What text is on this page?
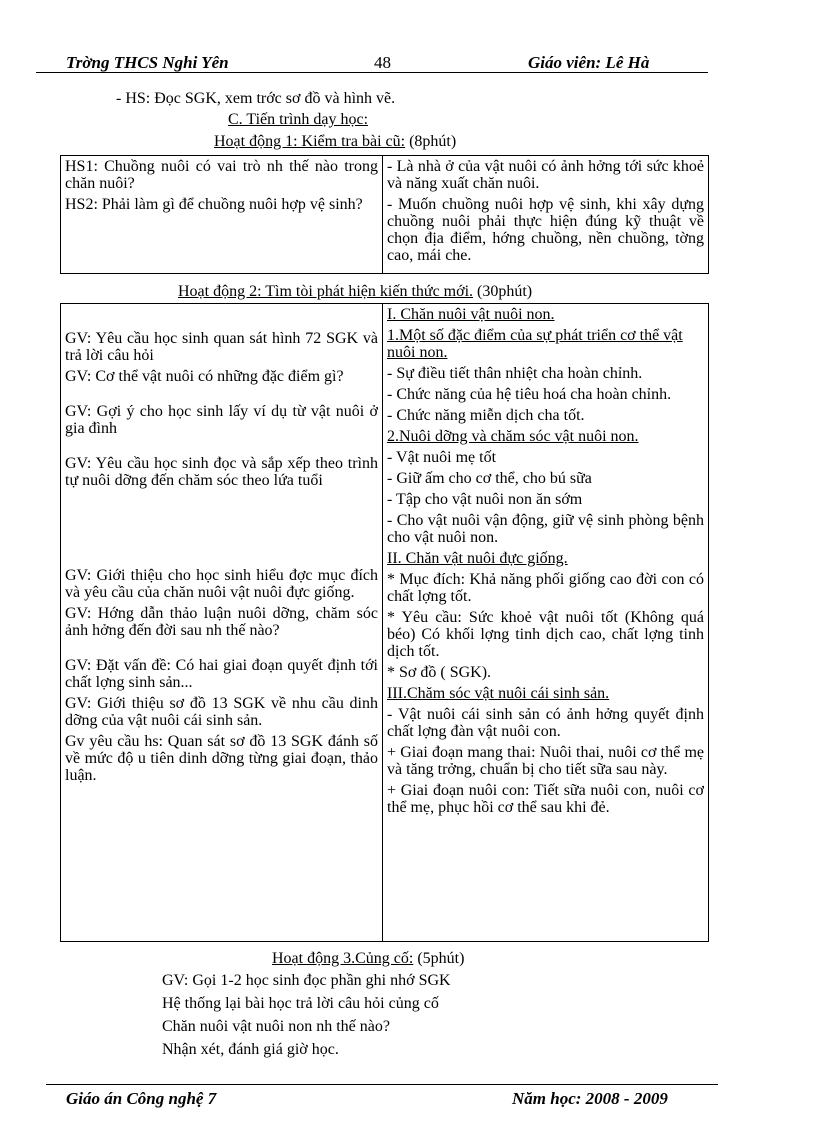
Trờng THCS Nghi Yên	48	Giáo viên: Lê Hà
- HS: Đọc SGK, xem trớc sơ đồ và hình vẽ.
C. Tiến trình dạy học:
Hoạt động 1: Kiểm tra bài cũ: (8phút)
HS1: Chuồng nuôi có vai trò nh thế nào trong chăn nuôi?
HS2: Phải làm gì để chuồng nuôi hợp vệ sinh?

- Là nhà ở của vật nuôi có ảnh hởng tới sức khoẻ và năng xuất chăn nuôi.
- Muốn chuồng nuôi hợp vệ sinh, khi xây dựng chuồng nuôi phải thực hiện đúng kỹ thuật về chọn địa điểm, hớng chuồng, nền chuồng, tờng cao, mái che.
Hoạt động 2: Tìm tòi phát hiện kiến thức mới. (30phút)
GV: Yêu cầu học sinh quan sát hình 72 SGK và trả lời câu hỏi
GV: Cơ thể vật nuôi có những đặc điểm gì?
GV: Gợi ý cho học sinh lấy ví dụ từ vật nuôi ở gia đình
GV: Yêu cầu học sinh đọc và sắp xếp theo trình tự nuôi dỡng đến chăm sóc theo lứa tuổi
GV: Giới thiệu cho học sinh hiểu đợc mục đích và yêu cầu của chăn nuôi vật nuôi đực giống.
GV: Hớng dẫn thảo luận nuôi dỡng, chăm sóc ảnh hởng đến đời sau nh thế nào?
GV: Đặt vấn đề: Có hai giai đoạn quyết định tới chất lợng sinh sản...
GV: Giới thiệu sơ đồ 13 SGK về nhu cầu dinh dỡng của vật nuôi cái sinh sản.
Gv yêu cầu hs: Quan sát sơ đồ 13 SGK đánh số về mức độ u tiên dinh dỡng từng giai đoạn, thảo luận.

I. Chăn nuôi vật nuôi non.
1.Một số đặc điểm của sự phát triển cơ thể vật nuôi non.
- Sự điều tiết thân nhiệt cha hoàn chỉnh.
- Chức năng của hệ tiêu hoá cha hoàn chỉnh.
- Chức năng miễn dịch cha tốt.
2.Nuôi dỡng và chăm sóc vật nuôi non.
- Vật nuôi mẹ tốt
- Giữ ấm cho cơ thể, cho bú sữa
- Tập cho vật nuôi non ăn sớm
- Cho vật nuôi vận động, giữ vệ sinh phòng bệnh cho vật nuôi non.
II. Chăn vật nuôi đực giống.
* Mục đích: Khả năng phối giống cao đời con có chất lợng tốt.
* Yêu cầu: Sức khoẻ vật nuôi tốt (Không quá béo) Có khối lợng tinh dịch cao, chất lợng tinh dịch tốt.
* Sơ đồ ( SGK).
III.Chăm sóc vật nuôi cái sinh sản.
- Vật nuôi cái sinh sản có ảnh hởng quyết định chất lợng đàn vật nuôi con.
+ Giai đoạn mang thai: Nuôi thai, nuôi cơ thể mẹ và tăng trởng, chuẩn bị cho tiết sữa sau này.
+ Giai đoạn nuôi con: Tiết sữa nuôi con, nuôi cơ thể mẹ, phục hồi cơ thể sau khi đẻ.
Hoạt động 3.Củng cố: (5phút)
GV: Gọi 1-2 học sinh đọc phần ghi nhớ SGK
Hệ thống lại bài học trả lời câu hỏi củng cố
Chăn nuôi vật nuôi non nh thế nào?
Nhận xét, đánh giá giờ học.
Giáo án Công nghệ 7	Năm học: 2008 - 2009
